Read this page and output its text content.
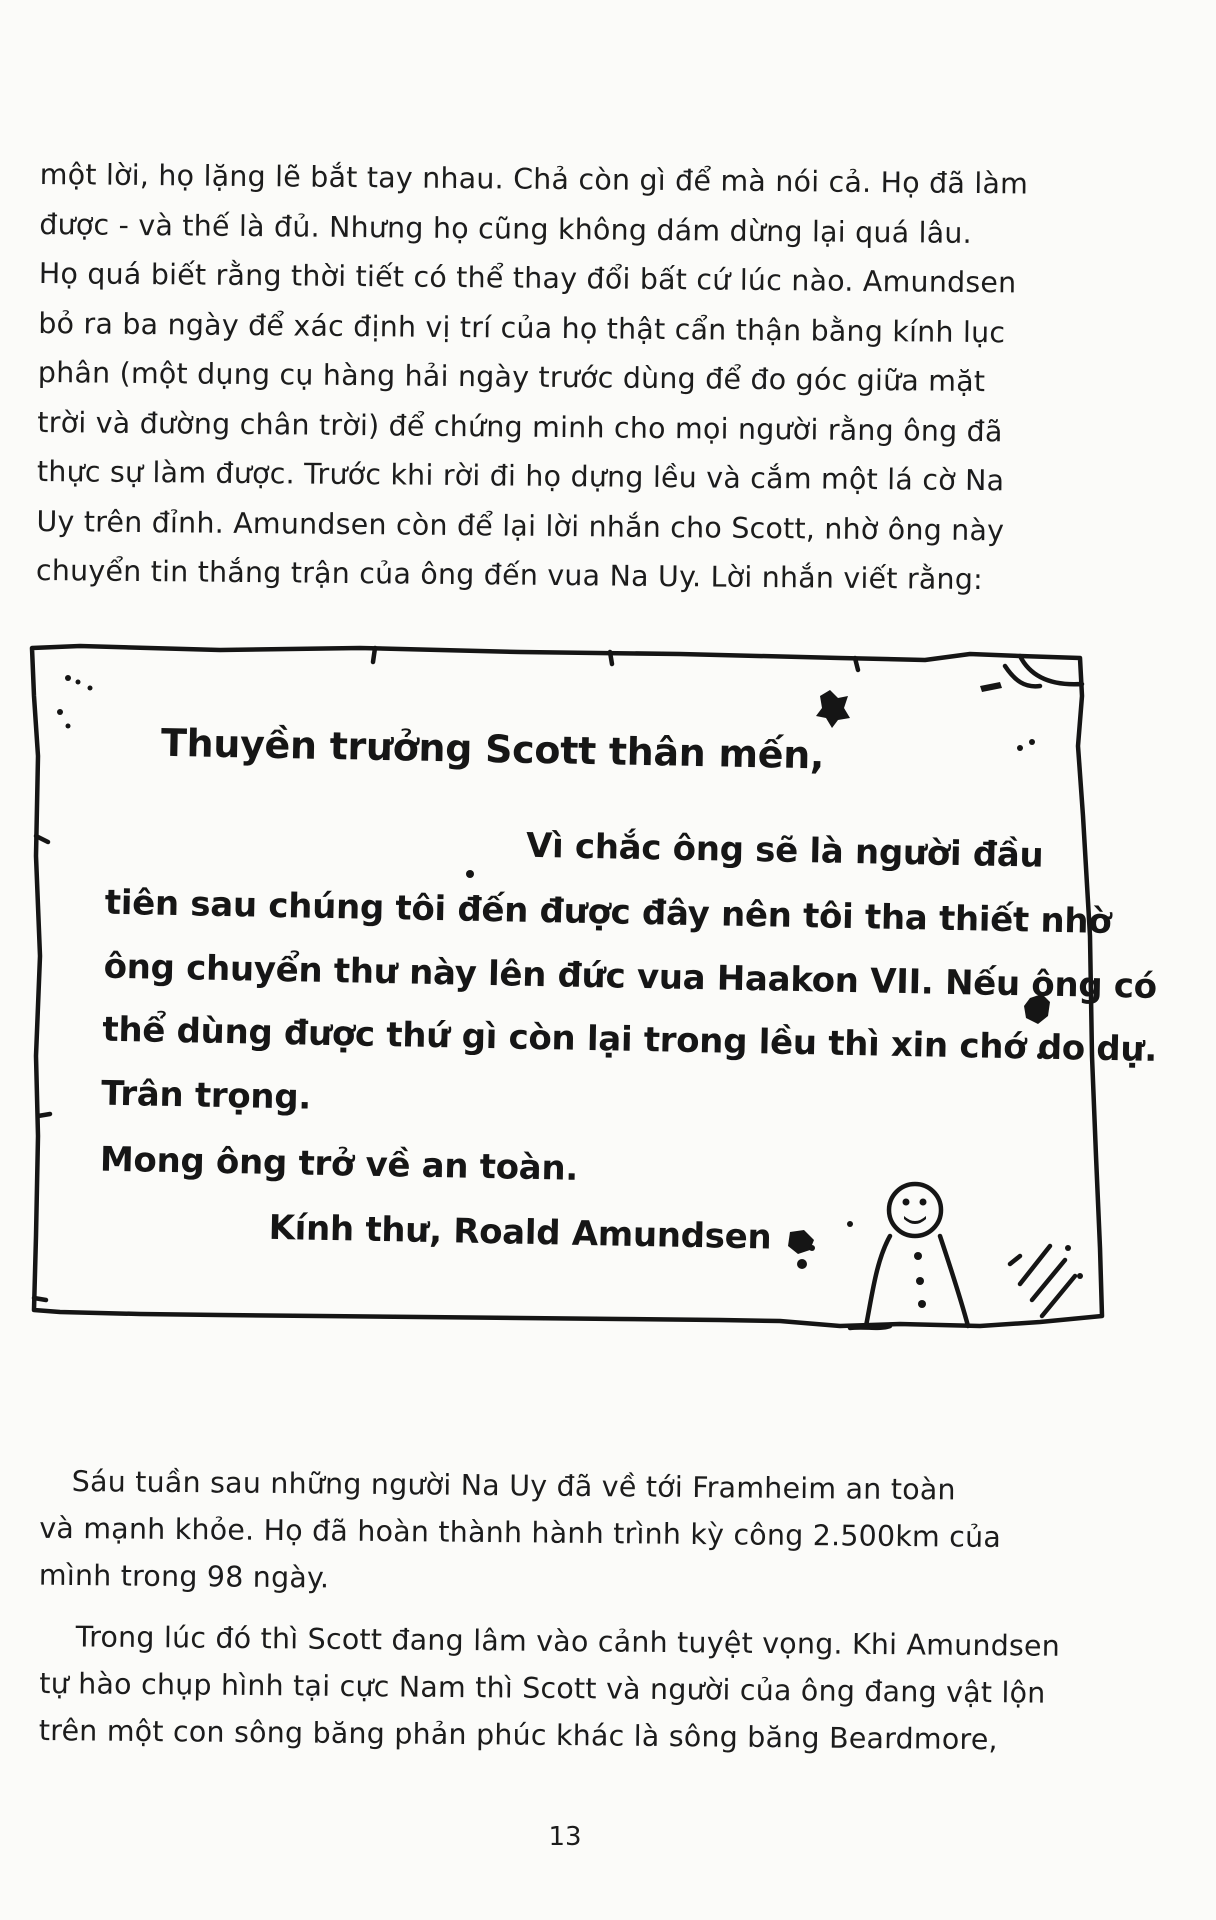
một lời, họ lặng lẽ bắt tay nhau. Chả còn gì để mà nói cả. Họ đã làm
được - và thế là đủ. Nhưng họ cũng không dám dừng lại quá lâu.
Họ quá biết rằng thời tiết có thể thay đổi bất cứ lúc nào. Amundsen
bỏ ra ba ngày để xác định vị trí của họ thật cẩn thận bằng kính lục
phân (một dụng cụ hàng hải ngày trước dùng để đo góc giữa mặt
trời và đường chân trời) để chứng minh cho mọi người rằng ông đã
thực sự làm được. Trước khi rời đi họ dựng lều và cắm một lá cờ Na
Uy trên đỉnh. Amundsen còn để lại lời nhắn cho Scott, nhờ ông này
chuyển tin thắng trận của ông đến vua Na Uy. Lời nhắn viết rằng:
Thuyền trưởng Scott thân mến,
Vì chắc ông sẽ là người đầu
tiên sau chúng tôi đến được đây nên tôi tha thiết nhờ
ông chuyển thư này lên đức vua Haakon VII. Nếu ông có
thể dùng được thứ gì còn lại trong lều thì xin chớ do dự.
Trân trọng.
Mong ông trở về an toàn.
Kính thư, Roald Amundsen
Sáu tuần sau những người Na Uy đã về tới Framheim an toàn
và mạnh khỏe. Họ đã hoàn thành hành trình kỳ công 2.500km của
mình trong 98 ngày.
Trong lúc đó thì Scott đang lâm vào cảnh tuyệt vọng. Khi Amundsen
tự hào chụp hình tại cực Nam thì Scott và người của ông đang vật lộn
trên một con sông băng phản phúc khác là sông băng Beardmore,
13
